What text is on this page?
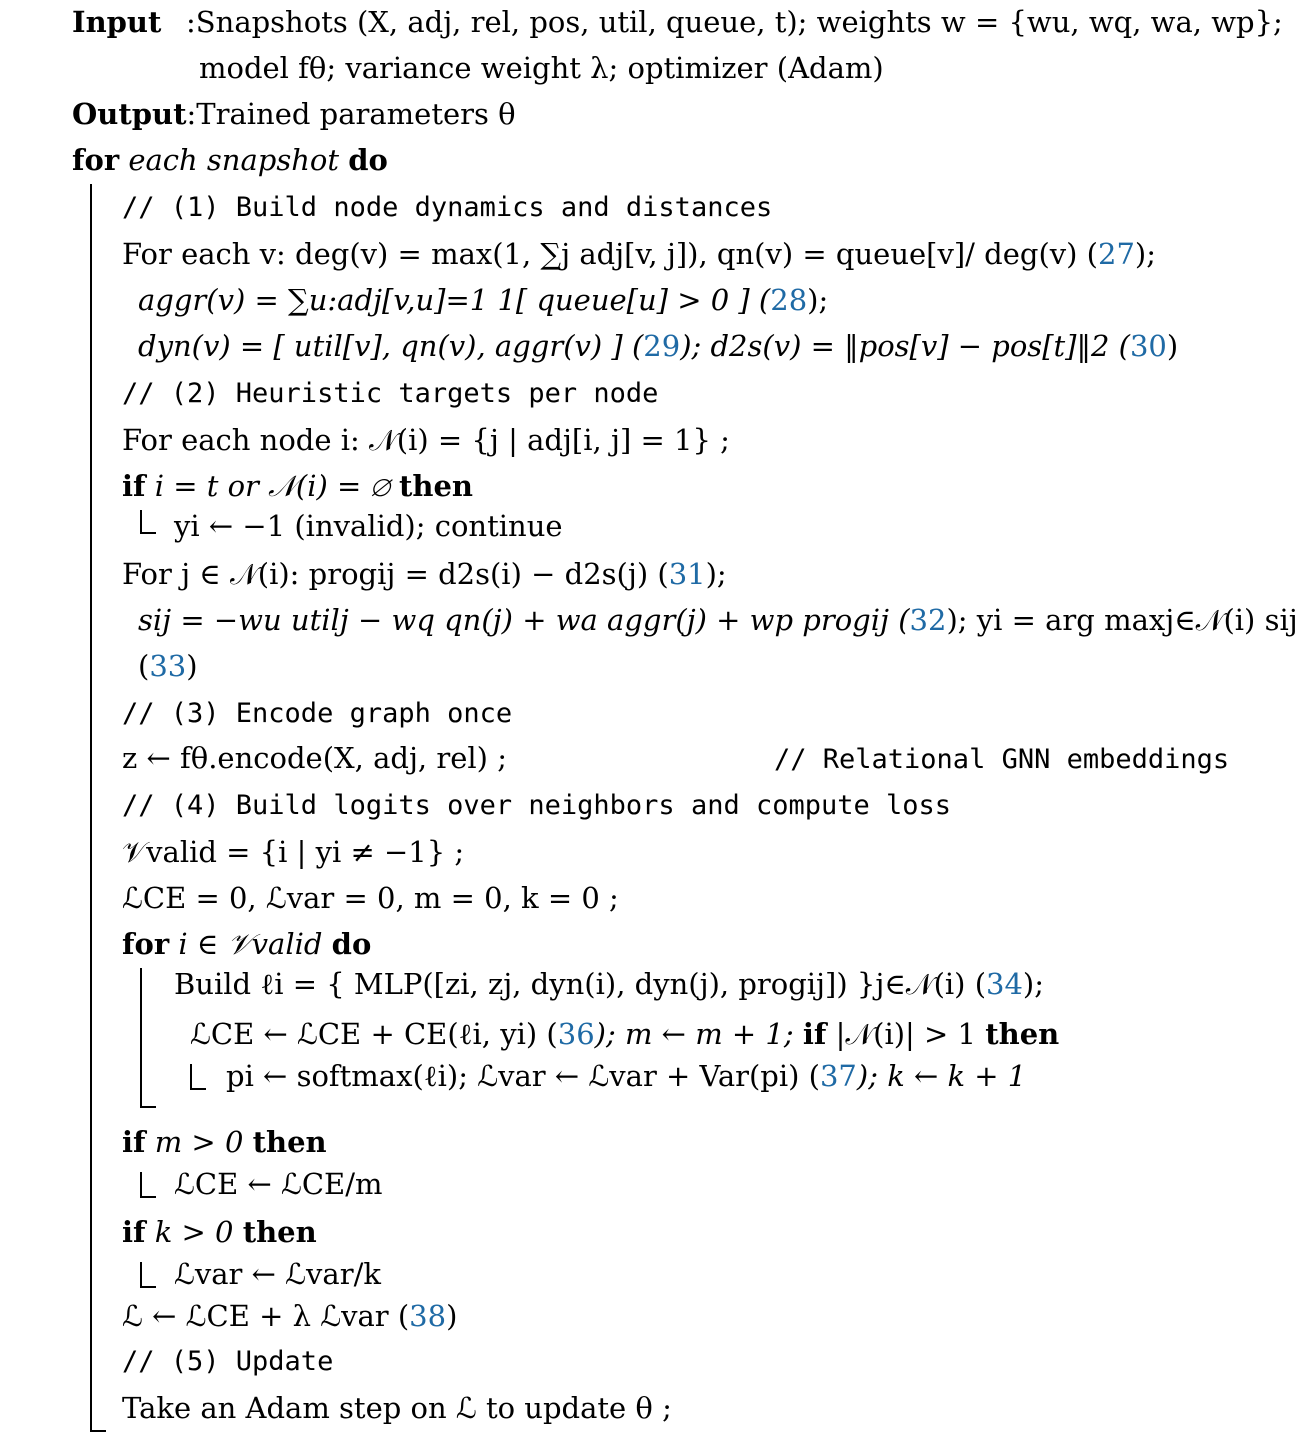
Input :Snapshots (X, adj, rel, pos, util, queue, t); weights w = {wu, wq, wa, wp};
model fθ; variance weight λ; optimizer (Adam)
Output:Trained parameters θ
for each snapshot do
// (1) Build node dynamics and distances
For each v: deg(v) = max(1, ∑j adj[v, j]), qn(v) = queue[v]/ deg(v) (27);
aggr(v) = ∑u:adj[v,u]=1 1[ queue[u] > 0 ] (28);
dyn(v) = [ util[v], qn(v), aggr(v) ] (29); d2s(v) = ‖pos[v] − pos[t]‖2 (30)
// (2) Heuristic targets per node
For each node i: 𝒩(i) = {j | adj[i, j] = 1} ;
if i = t or 𝒩(i) = ∅ then
yi ← −1 (invalid); continue
For j ∈ 𝒩(i): progij = d2s(i) − d2s(j) (31);
sij = −wu utilj − wq qn(j) + wa aggr(j) + wp progij (32); yi = arg maxj∈𝒩(i) sij
(33)
// (3) Encode graph once
z ← fθ.encode(X, adj, rel) ;	// Relational GNN embeddings
// (4) Build logits over neighbors and compute loss
𝒱valid = {i | yi ≠ −1} ;
ℒCE = 0, ℒvar = 0, m = 0, k = 0 ;
for i ∈ 𝒱valid do
Build ℓi = { MLP([zi, zj, dyn(i), dyn(j), progij]) }j∈𝒩(i) (34);
ℒCE ← ℒCE + CE(ℓi, yi) (36); m ← m + 1; if |𝒩(i)| > 1 then
pi ← softmax(ℓi); ℒvar ← ℒvar + Var(pi) (37); k ← k + 1
if m > 0 then
ℒCE ← ℒCE/m
if k > 0 then
ℒvar ← ℒvar/k
ℒ ← ℒCE + λ ℒvar (38)
// (5) Update
Take an Adam step on ℒ to update θ ;
